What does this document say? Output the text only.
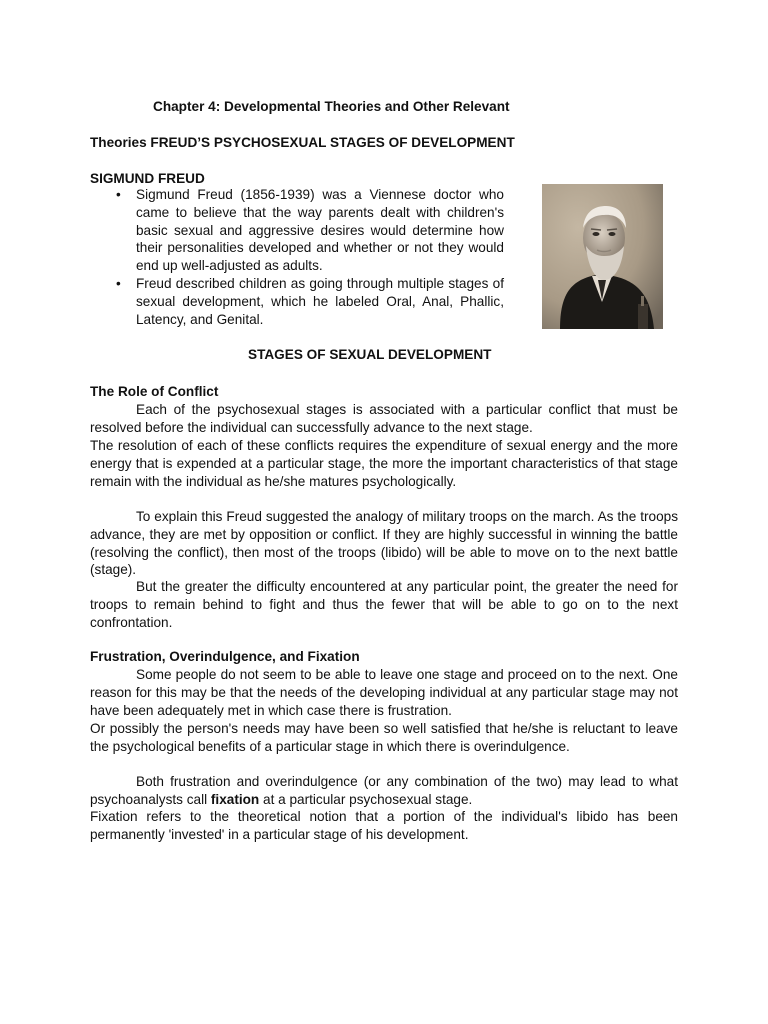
Chapter 4: Developmental Theories and Other Relevant
Theories FREUD’S PSYCHOSEXUAL STAGES OF DEVELOPMENT
SIGMUND FREUD
• Sigmund Freud (1856-1939) was a Viennese doctor who came to believe that the way parents dealt with children's basic sexual and aggressive desires would determine how their personalities developed and whether or not they would end up well-adjusted as adults.
• Freud described children as going through multiple stages of sexual development, which he labeled Oral, Anal, Phallic, Latency, and Genital.
STAGES OF SEXUAL DEVELOPMENT
The Role of Conflict

Each of the psychosexual stages is associated with a particular conflict that must be resolved before the individual can successfully advance to the next stage.

The resolution of each of these conflicts requires the expenditure of sexual energy and the more energy that is expended at a particular stage, the more the important characteristics of that stage remain with the individual as he/she matures psychologically.

To explain this Freud suggested the analogy of military troops on the march. As the troops advance, they are met by opposition or conflict. If they are highly successful in winning the battle (resolving the conflict), then most of the troops (libido) will be able to move on to the next battle (stage).

But the greater the difficulty encountered at any particular point, the greater the need for troops to remain behind to fight and thus the fewer that will be able to go on to the next confrontation.

Frustration, Overindulgence, and Fixation

Some people do not seem to be able to leave one stage and proceed on to the next. One reason for this may be that the needs of the developing individual at any particular stage may not have been adequately met in which case there is frustration.

Or possibly the person's needs may have been so well satisfied that he/she is reluctant to leave the psychological benefits of a particular stage in which there is overindulgence.

Both frustration and overindulgence (or any combination of the two) may lead to what psychoanalysts call fixation at a particular psychosexual stage.

Fixation refers to the theoretical notion that a portion of the individual's libido has been permanently 'invested' in a particular stage of his development.
